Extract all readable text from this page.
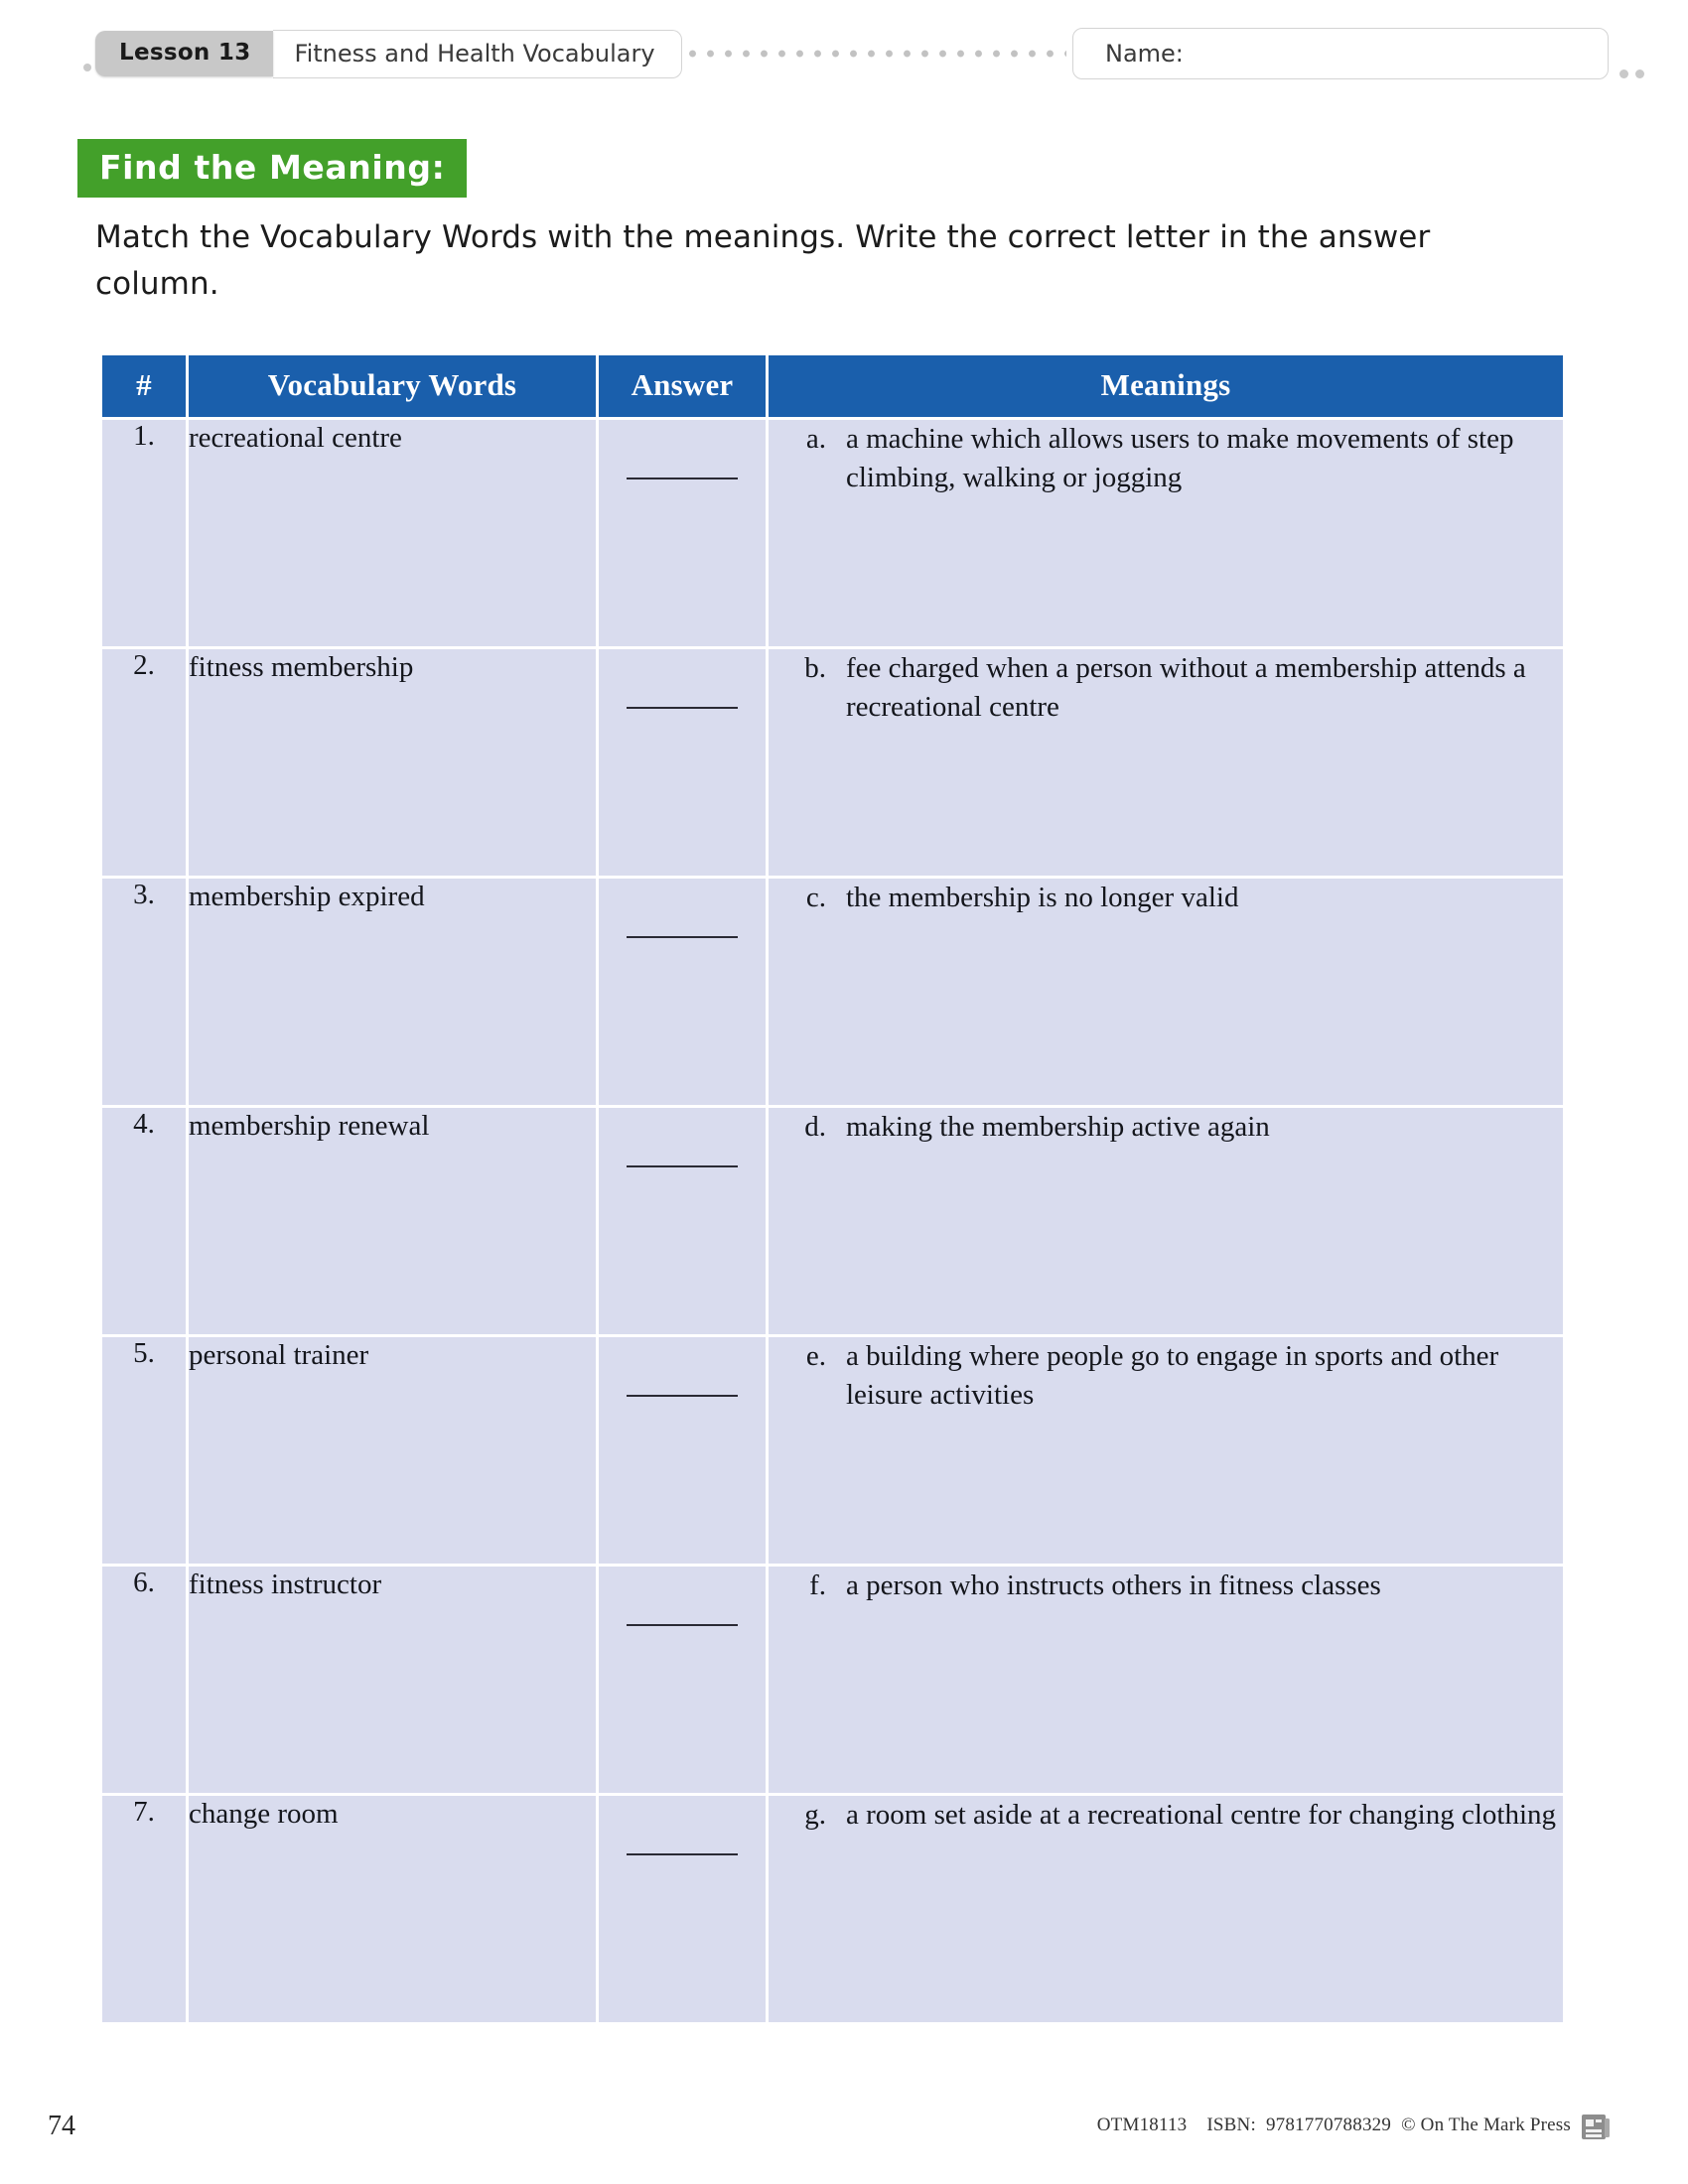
Lesson 13	Fitness and Health Vocabulary	Name:
Find the Meaning:
Match the Vocabulary Words with the meanings. Write the correct letter in the answer column.
#	Vocabulary Words	Answer	Meanings
1.	recreational centre		a. a machine which allows users to make movements of step climbing, walking or jogging

2.	fitness membership		b. fee charged when a person without a membership attends a recreational centre

3.	membership expired		c. the membership is no longer valid

4.	membership renewal		d. making the membership active again

5.	personal trainer		e. a building where people go to engage in sports and other leisure activities

6.	fitness instructor		f. a person who instructs others in fitness classes

7.	change room		g. a room set aside at a recreational centre for changing clothing
74	OTM18113 ISBN: 9781770788329 © On The Mark Press
